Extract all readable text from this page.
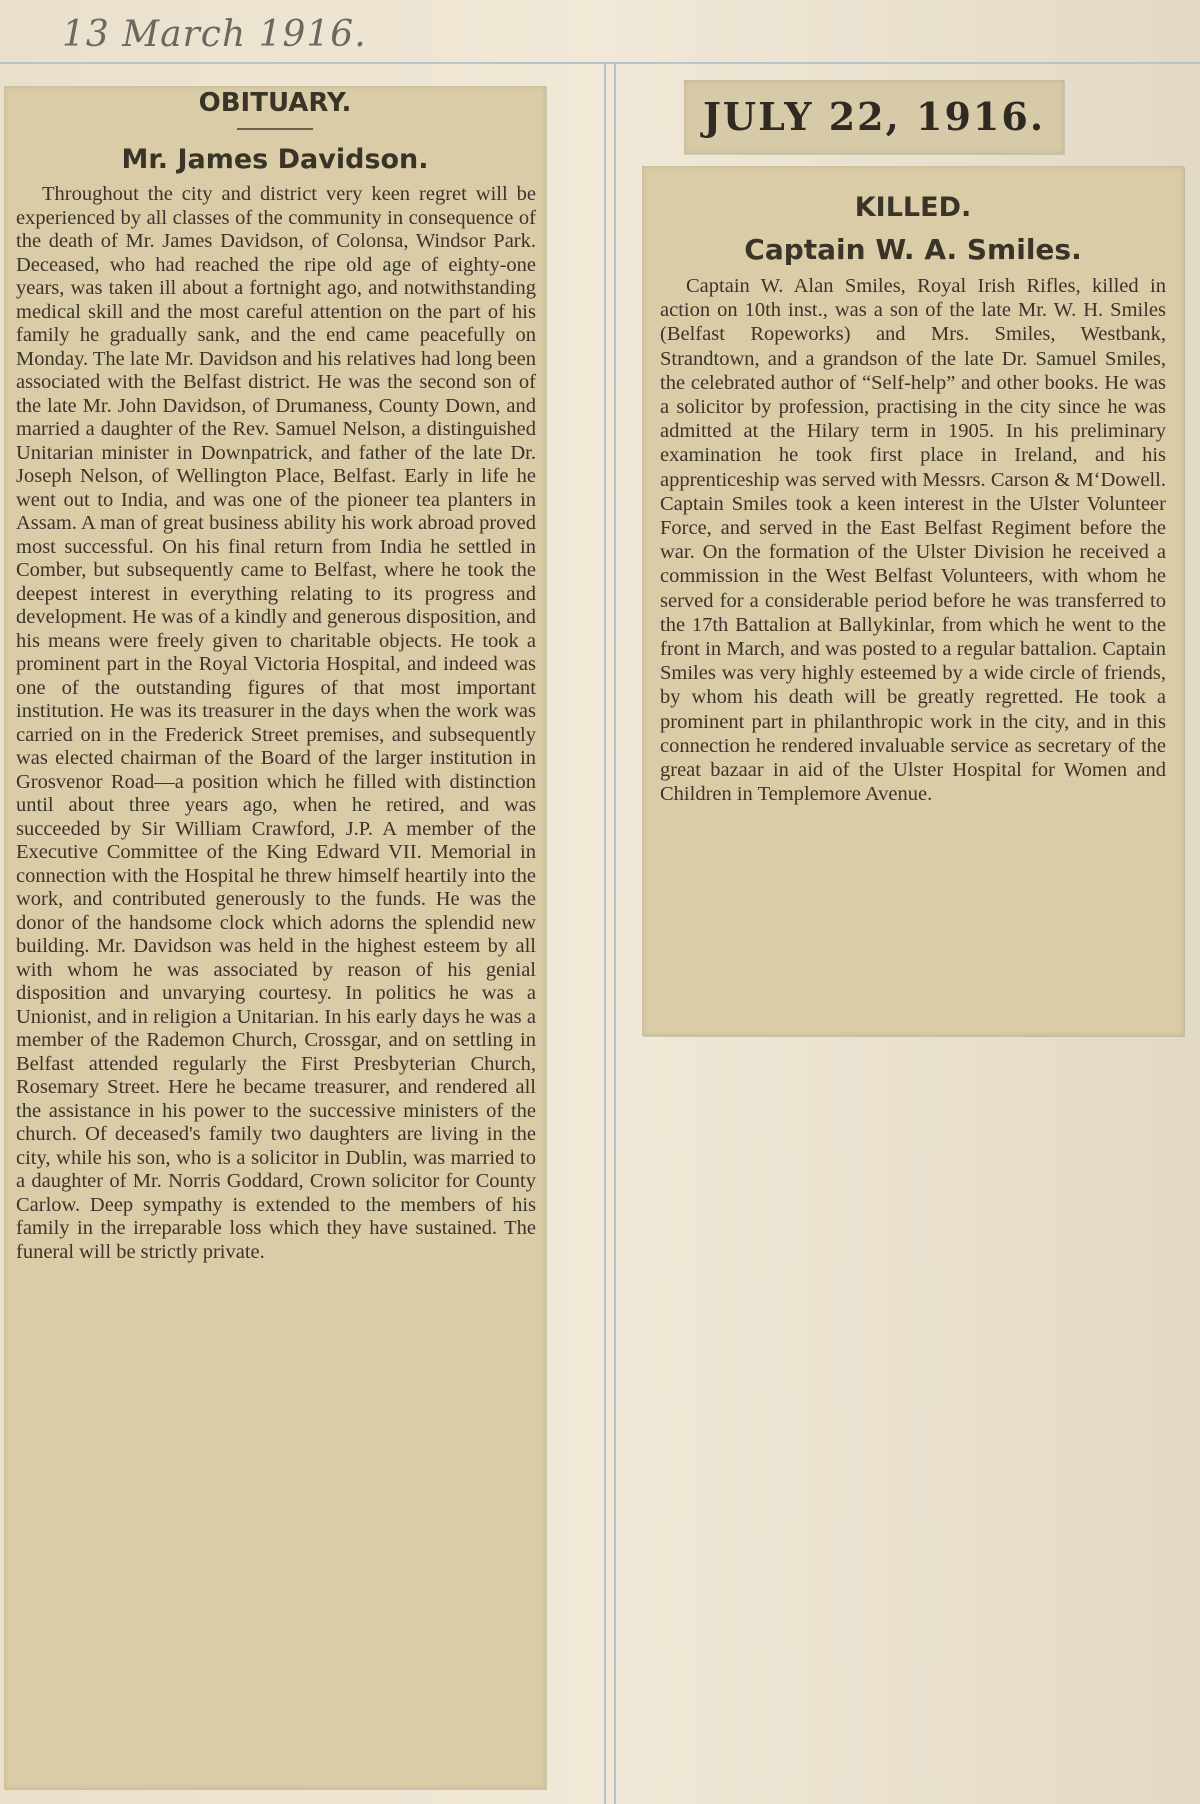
13 March 1916.
OBITUARY.
Mr. James Davidson.

Throughout the city and district very keen regret will be experienced by all classes of the community in consequence of the death of Mr. James Davidson, of Colonsa, Windsor Park. Deceased, who had reached the ripe old age of eighty-one years, was taken ill about a fortnight ago, and notwithstanding medical skill and the most careful attention on the part of his family he gradually sank, and the end came peacefully on Monday. The late Mr. Davidson and his relatives had long been associated with the Belfast district. He was the second son of the late Mr. John Davidson, of Drumaness, County Down, and married a daughter of the Rev. Samuel Nelson, a distinguished Unitarian minister in Downpatrick, and father of the late Dr. Joseph Nelson, of Wellington Place, Belfast. Early in life he went out to India, and was one of the pioneer tea planters in Assam. A man of great business ability his work abroad proved most successful. On his final return from India he settled in Comber, but subsequently came to Belfast, where he took the deepest interest in everything relating to its progress and development. He was of a kindly and generous disposition, and his means were freely given to charitable objects. He took a prominent part in the Royal Victoria Hospital, and indeed was one of the outstanding figures of that most important institution. He was its treasurer in the days when the work was carried on in the Frederick Street premises, and subsequently was elected chairman of the Board of the larger institution in Grosvenor Road—a position which he filled with distinction until about three years ago, when he retired, and was succeeded by Sir William Crawford, J.P. A member of the Executive Committee of the King Edward VII. Memorial in connection with the Hospital he threw himself heartily into the work, and contributed generously to the funds. He was the donor of the handsome clock which adorns the splendid new building. Mr. Davidson was held in the highest esteem by all with whom he was associated by reason of his genial disposition and unvarying courtesy. In politics he was a Unionist, and in religion a Unitarian. In his early days he was a member of the Rademon Church, Crossgar, and on settling in Belfast attended regularly the First Presbyterian Church, Rosemary Street. Here he became treasurer, and rendered all the assistance in his power to the successive ministers of the church. Of deceased's family two daughters are living in the city, while his son, who is a solicitor in Dublin, was married to a daughter of Mr. Norris Goddard, Crown solicitor for County Carlow. Deep sympathy is extended to the members of his family in the irreparable loss which they have sustained. The funeral will be strictly private.

JULY 22, 1916.
KILLED.
Captain W. A. Smiles.

Captain W. Alan Smiles, Royal Irish Rifles, killed in action on 10th inst., was a son of the late Mr. W. H. Smiles (Belfast Ropeworks) and Mrs. Smiles, Westbank, Strandtown, and a grandson of the late Dr. Samuel Smiles, the celebrated author of “Self-help” and other books. He was a solicitor by profession, practising in the city since he was admitted at the Hilary term in 1905. In his preliminary examination he took first place in Ireland, and his apprenticeship was served with Messrs. Carson & M‘Dowell. Captain Smiles took a keen interest in the Ulster Volunteer Force, and served in the East Belfast Regiment before the war. On the formation of the Ulster Division he received a commission in the West Belfast Volunteers, with whom he served for a considerable period before he was transferred to the 17th Battalion at Ballykinlar, from which he went to the front in March, and was posted to a regular battalion. Captain Smiles was very highly esteemed by a wide circle of friends, by whom his death will be greatly regretted. He took a prominent part in philanthropic work in the city, and in this connection he rendered invaluable service as secretary of the great bazaar in aid of the Ulster Hospital for Women and Children in Templemore Avenue.
